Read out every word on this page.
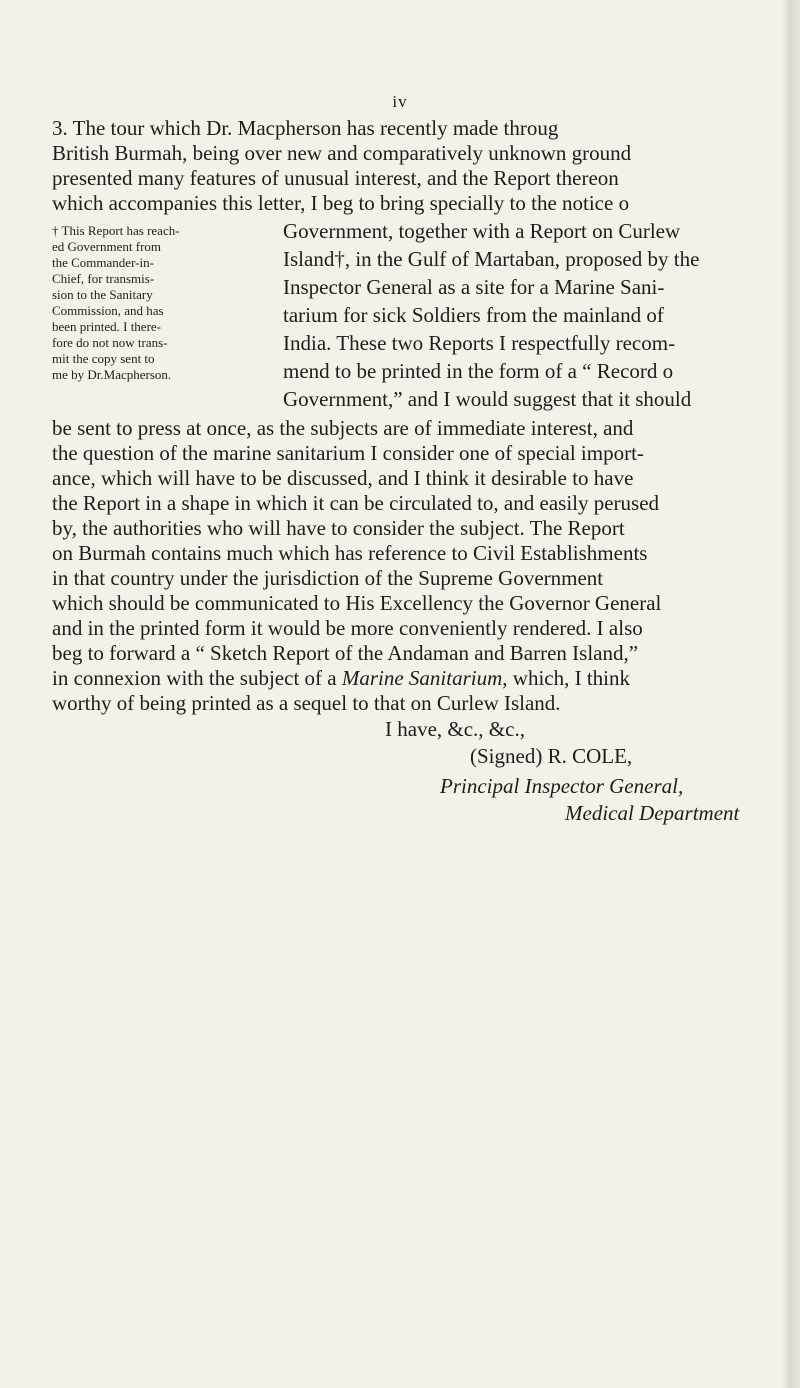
iv

3. The tour which Dr. Macpherson has recently made throug

British Burmah, being over new and comparatively unknown ground

presented many features of unusual interest, and the Report thereon

which accompanies this letter, I beg to bring specially to the notice o

Government, together with a Report on Curlew

Island†, in the Gulf of Martaban, proposed by the

Inspector General as a site for a Marine Sani-

tarium for sick Soldiers from the mainland of

India. These two Reports I respectfully recom-

mend to be printed in the form of a “ Record o

Government,” and I would suggest that it should

be sent to press at once, as the subjects are of immediate interest, and

the question of the marine sanitarium I consider one of special import-

ance, which will have to be discussed, and I think it desirable to have

the Report in a shape in which it can be circulated to, and easily perused

by, the authorities who will have to consider the subject. The Report

on Burmah contains much which has reference to Civil Establishments

in that country under the jurisdiction of the Supreme Government

which should be communicated to His Excellency the Governor General

and in the printed form it would be more conveniently rendered. I also

beg to forward a “ Sketch Report of the Andaman and Barren Island,”

in connexion with the subject of a Marine Sanitarium, which, I think

worthy of being printed as a sequel to that on Curlew Island.

† This Report has reach-

ed Government from

the Commander-in-

Chief, for transmis-

sion to the Sanitary

Commission, and has

been printed. I there-

fore do not now trans-

mit the copy sent to

me by Dr.Macpherson.

I have, &c., &c.,

(Signed) R. COLE,

Principal Inspector General,

Medical Department
